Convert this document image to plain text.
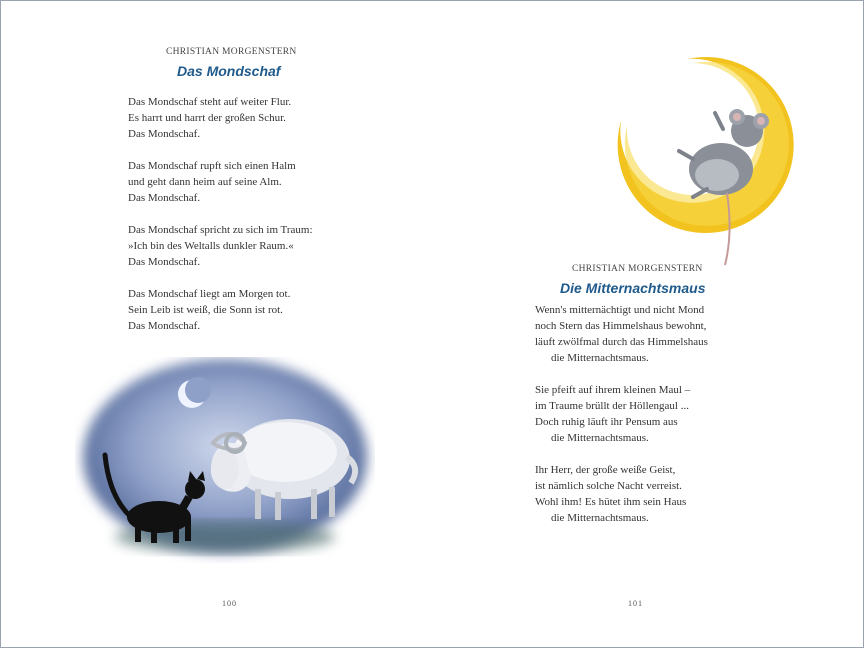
CHRISTIAN MORGENSTERN
Das Mondschaf
Das Mondschaf steht auf weiter Flur.
Es harrt und harrt der großen Schur.
Das Mondschaf.
Das Mondschaf rupft sich einen Halm
und geht dann heim auf seine Alm.
Das Mondschaf.
Das Mondschaf spricht zu sich im Traum:
»Ich bin des Weltalls dunkler Raum.«
Das Mondschaf.
Das Mondschaf liegt am Morgen tot.
Sein Leib ist weiß, die Sonn ist rot.
Das Mondschaf.
100
CHRISTIAN MORGENSTERN
Die Mitternachtsmaus
Wenn's mitternächtigt und nicht Mond
noch Stern das Himmelshaus bewohnt,
läuft zwölfmal durch das Himmelshaus
die Mitternachtsmaus.
Sie pfeift auf ihrem kleinen Maul –
im Traume brüllt der Höllengaul ...
Doch ruhig läuft ihr Pensum aus
die Mitternachtsmaus.
Ihr Herr, der große weiße Geist,
ist nämlich solche Nacht verreist.
Wohl ihm! Es hütet ihm sein Haus
die Mitternachtsmaus.
101
